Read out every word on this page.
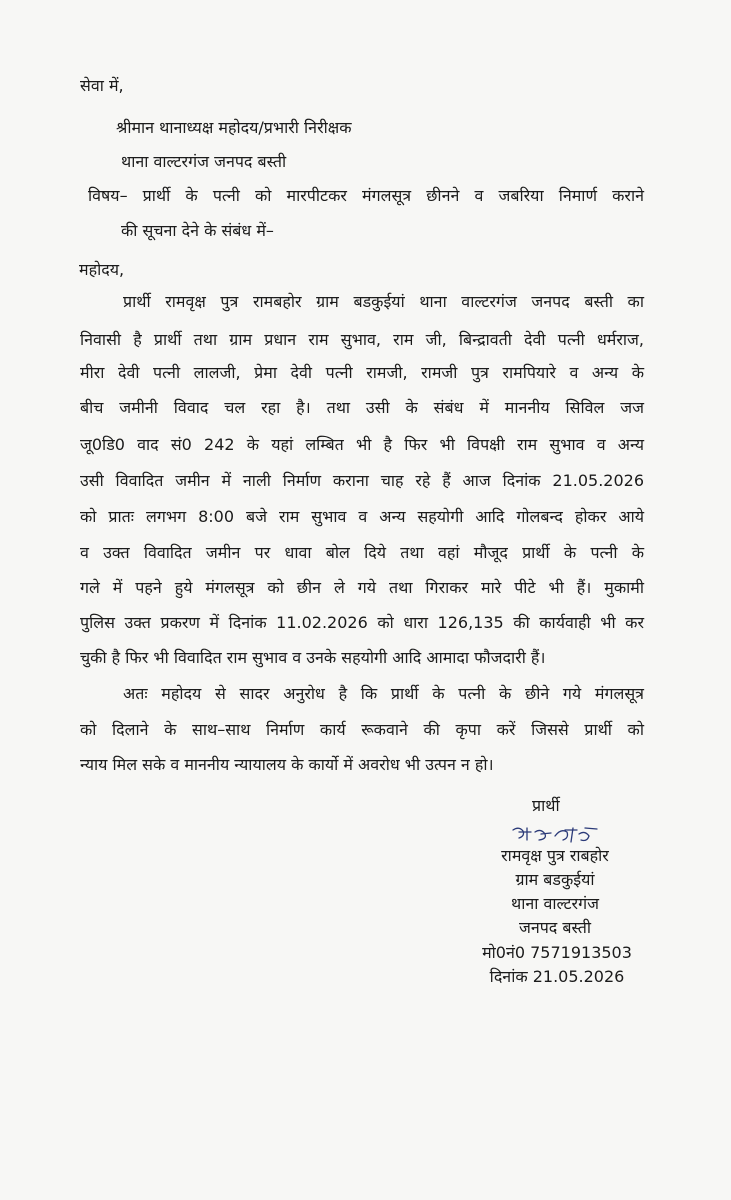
सेवा में,
श्रीमान थानाध्यक्ष महोदय/प्रभारी निरीक्षक
थाना वाल्टरगंज जनपद बस्ती
विषय– प्रार्थी के पत्नी को मारपीटकर मंगलसूत्र छीनने व जबरिया निमार्ण कराने
की सूचना देने के संबंध में–
महोदय,
प्रार्थी रामवृक्ष पुत्र रामबहोर ग्राम बडकुईयां थाना वाल्टरगंज जनपद बस्ती का
निवासी है प्रार्थी तथा ग्राम प्रधान राम सुभाव, राम जी, बिन्द्रावती देवी पत्नी धर्मराज,
मीरा देवी पत्नी लालजी, प्रेमा देवी पत्नी रामजी, रामजी पुत्र रामपियारे व अन्य के
बीच जमीनी विवाद चल रहा है। तथा उसी के संबंध में माननीय सिविल जज
जू0डि0 वाद सं0 242 के यहां लम्बित भी है फिर भी विपक्षी राम सुभाव व अन्य
उसी विवादित जमीन में नाली निर्माण कराना चाह रहे हैं आज दिनांक 21.05.2026
को प्रातः लगभग 8:00 बजे राम सुभाव व अन्य सहयोगी आदि गोलबन्द होकर आये
व उक्त विवादित जमीन पर धावा बोल दिये तथा वहां मौजूद प्रार्थी के पत्नी के
गले में पहने हुये मंगलसूत्र को छीन ले गये तथा गिराकर मारे पीटे भी हैं। मुकामी
पुलिस उक्त प्रकरण में दिनांक 11.02.2026 को धारा 126,135 की कार्यवाही भी कर
चुकी है फिर भी विवादित राम सुभाव व उनके सहयोगी आदि आमादा फौजदारी हैं।
अतः महोदय से सादर अनुरोध है कि प्रार्थी के पत्नी के छीने गये मंगलसूत्र
को दिलाने के साथ–साथ निर्माण कार्य रूकवाने की कृपा करें जिससे प्रार्थी को
न्याय मिल सके व माननीय न्यायालय के कार्यो में अवरोध भी उत्पन न हो।
प्रार्थी
रामवृक्ष पुत्र राबहोर
ग्राम बडकुईयां
थाना वाल्टरगंज
जनपद बस्ती
मो0नं0 7571913503
दिनांक 21.05.2026
